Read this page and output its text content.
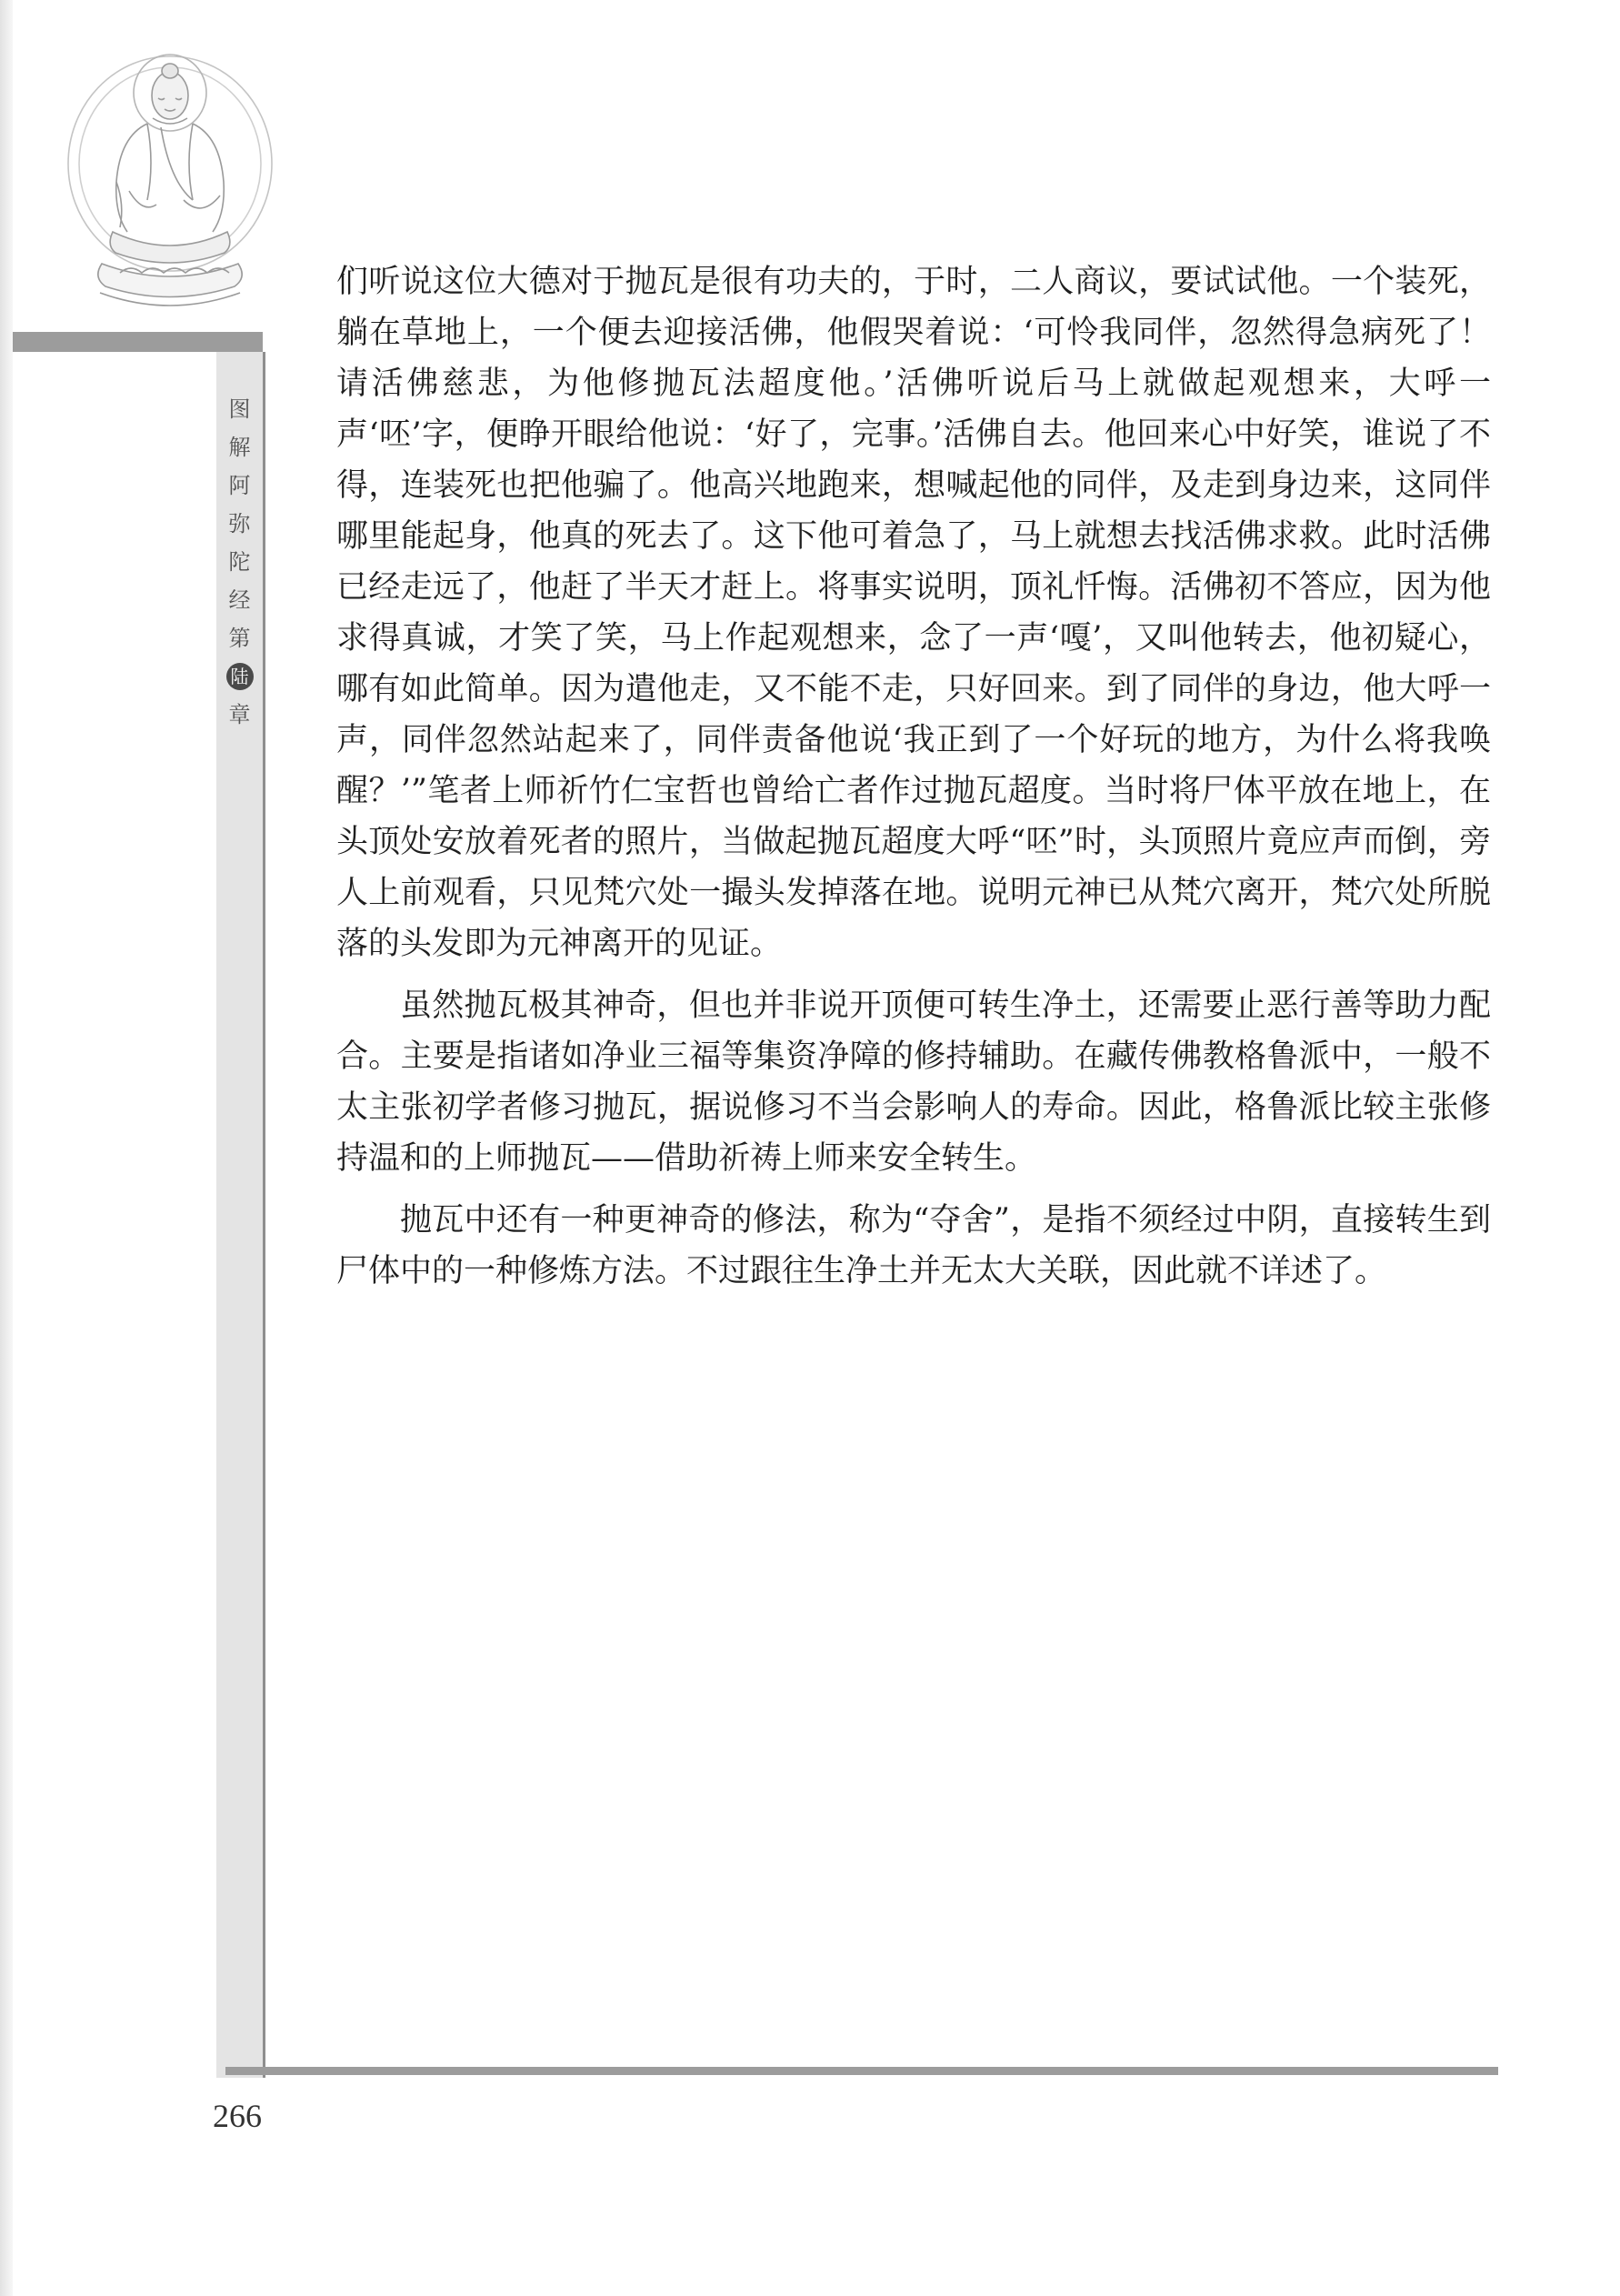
图
解
阿
弥
陀
经
第
陆
章

们听说这位大德对于抛瓦是很有功夫的，于时，二人商议，要试试他。一个装死，躺在草地上，一个便去迎接活佛，他假哭着说：‘可怜我同伴，忽然得急病死了！请活佛慈悲，为他修抛瓦法超度他。’活佛听说后马上就做起观想来，大呼一声‘呸’字，便睁开眼给他说：‘好了，完事。’活佛自去。他回来心中好笑，谁说了不得，连装死也把他骗了。他高兴地跑来，想喊起他的同伴，及走到身边来，这同伴哪里能起身，他真的死去了。这下他可着急了，马上就想去找活佛求救。此时活佛已经走远了，他赶了半天才赶上。将事实说明，顶礼忏悔。活佛初不答应，因为他求得真诚，才笑了笑，马上作起观想来，念了一声‘嘎’，又叫他转去，他初疑心，哪有如此简单。因为遣他走，又不能不走，只好回来。到了同伴的身边，他大呼一声，同伴忽然站起来了，同伴责备他说‘我正到了一个好玩的地方，为什么将我唤醒？’”笔者上师祈竹仁宝哲也曾给亡者作过抛瓦超度。当时将尸体平放在地上，在头顶处安放着死者的照片，当做起抛瓦超度大呼“呸”时，头顶照片竟应声而倒，旁人上前观看，只见梵穴处一撮头发掉落在地。说明元神已从梵穴离开，梵穴处所脱落的头发即为元神离开的见证。

虽然抛瓦极其神奇，但也并非说开顶便可转生净土，还需要止恶行善等助力配合。主要是指诸如净业三福等集资净障的修持辅助。在藏传佛教格鲁派中，一般不太主张初学者修习抛瓦，据说修习不当会影响人的寿命。因此，格鲁派比较主张修持温和的上师抛瓦——借助祈祷上师来安全转生。

抛瓦中还有一种更神奇的修法，称为“夺舍”，是指不须经过中阴，直接转生到尸体中的一种修炼方法。不过跟往生净土并无太大关联，因此就不详述了。

266
